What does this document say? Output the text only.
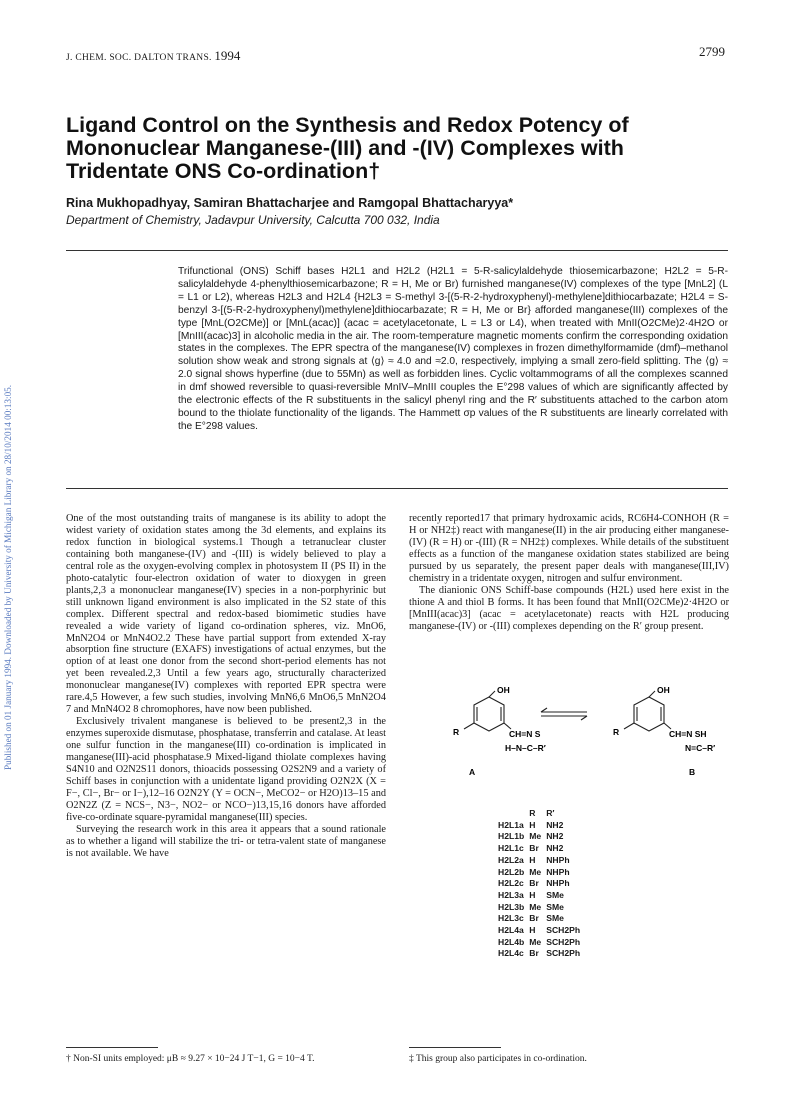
Published on 01 January 1994. Downloaded by University of Michigan Library on 28/10/2014 00:13:05.
J. CHEM. SOC. DALTON TRANS. 1994	2799
Ligand Control on the Synthesis and Redox Potency of Mononuclear Manganese-(III) and -(IV) Complexes with Tridentate ONS Co-ordination†
Rina Mukhopadhyay, Samiran Bhattacharjee and Ramgopal Bhattacharyya*
Department of Chemistry, Jadavpur University, Calcutta 700 032, India

Trifunctional (ONS) Schiff bases H2L1 and H2L2 (H2L1 = 5-R-salicylaldehyde thiosemicarbazone; H2L2 = 5-R-salicylaldehyde 4-phenylthiosemicarbazone; R = H, Me or Br) furnished manganese(IV) complexes of the type [MnL2] (L = L1 or L2), whereas H2L3 and H2L4 {H2L3 = S-methyl 3-[(5-R-2-hydroxyphenyl)-methylene]dithiocarbazate; H2L4 = S-benzyl 3-[(5-R-2-hydroxyphenyl)methylene]dithiocarbazate; R = H, Me or Br} afforded manganese(III) complexes of the type [MnL(O2CMe)] or [MnL(acac)] (acac = acetylacetonate, L = L3 or L4), when treated with MnII(O2CMe)2·4H2O or [MnIII(acac)3] in alcoholic media in the air. The room-temperature magnetic moments confirm the corresponding oxidation states in the complexes. The EPR spectra of the manganese(IV) complexes in frozen dimethylformamide (dmf)–methanol solution show weak and strong signals at ⟨g⟩ ≈ 4.0 and ≈2.0, respectively, implying a small zero-field splitting. The ⟨g⟩ ≈ 2.0 signal shows hyperfine (due to 55Mn) as well as forbidden lines. Cyclic voltammograms of all the complexes scanned in dmf showed reversible to quasi-reversible MnIV–MnIII couples the E°298 values of which are significantly affected by the electronic effects of the R substituents in the salicyl phenyl ring and the R′ substituents attached to the carbon atom bound to the thiolate functionality of the ligands. The Hammett σp values of the R substituents are linearly correlated with the E°298 values.

One of the most outstanding traits of manganese is its ability to adopt the widest variety of oxidation states among the 3d elements, and explains its redox function in biological systems.1 Though a tetranuclear cluster containing both manganese-(IV) and -(III) is widely believed to play a central role as the oxygen-evolving complex in photosystem II (PS II) in the photo-catalytic four-electron oxidation of water to dioxygen in green plants,2,3 a mononuclear manganese(IV) species in a non-porphyrinic but still unknown ligand environment is also implicated in the S2 state of this complex. Different spectral and redox-based biomimetic studies have revealed a wide variety of ligand co-ordination spheres, viz. MnO6, MnN2O4 or MnN4O2.2 These have partial support from extended X-ray absorption fine structure (EXAFS) investigations of actual enzymes, but the option of at least one donor from the second short-period elements has not yet been revealed.2,3 Until a few years ago, structurally characterized mononuclear manganese(IV) complexes with reported EPR spectra were rare.4,5 However, a few such studies, involving MnN6,6 MnO6,5 MnN2O4 7 and MnN4O2 8 chromophores, have now been published.

Exclusively trivalent manganese is believed to be present2,3 in the enzymes superoxide dismutase, phosphatase, transferrin and catalase. At least one sulfur function in the manganese(III) co-ordination is implicated in manganese(III)-acid phosphatase.9 Mixed-ligand thiolate complexes having S4N10 and O2N2S11 donors, thioacids possessing O2S2N9 and a variety of Schiff bases in conjunction with a unidentate ligand providing O2N2X (X = F−, Cl−, Br− or I−),12–16 O2N2Y (Y = OCN−, MeCO2− or H2O)13–15 and O2N2Z (Z = NCS−, N3−, NO2− or NCO−)13,15,16 donors have afforded five-co-ordinate square-pyramidal manganese(III) species.

Surveying the research work in this area it appears that a sound rationale as to whether a ligand will stabilize the tri- or tetra-valent state of manganese is not available. We have

recently reported17 that primary hydroxamic acids, RC6H4-CONHOH (R = H or NH2‡) react with manganese(II) in the air producing either manganese-(IV) (R = H) or -(III) (R = NH2‡) complexes. While details of the substituent effects as a function of the manganese oxidation states stabilized are being pursued by us separately, the present paper deals with manganese(III,IV) chemistry in a tridentate oxygen, nitrogen and sulfur environment.

The dianionic ONS Schiff-base compounds (H2L) used here exist in the thione A and thiol B forms. It has been found that MnII(O2CMe)2·4H2O or [MnIII(acac)3] (acac = acetylacetonate) reacts with H2L producing manganese-(IV) or -(III) complexes depending on the R′ group present.

OH
R	CH=N S
H–N–C–R′
OH
R	CH=N SH
N=C–R′
A	B
	R	R′
H2L1a	H	NH2
H2L1b	Me	NH2
H2L1c	Br	NH2
H2L2a	H	NHPh
H2L2b	Me	NHPh
H2L2c	Br	NHPh
H2L3a	H	SMe
H2L3b	Me	SMe
H2L3c	Br	SMe
H2L4a	H	SCH2Ph
H2L4b	Me	SCH2Ph
H2L4c	Br	SCH2Ph
† Non-SI units employed: μB ≈ 9.27 × 10−24 J T−1, G = 10−4 T.	‡ This group also participates in co-ordination.
